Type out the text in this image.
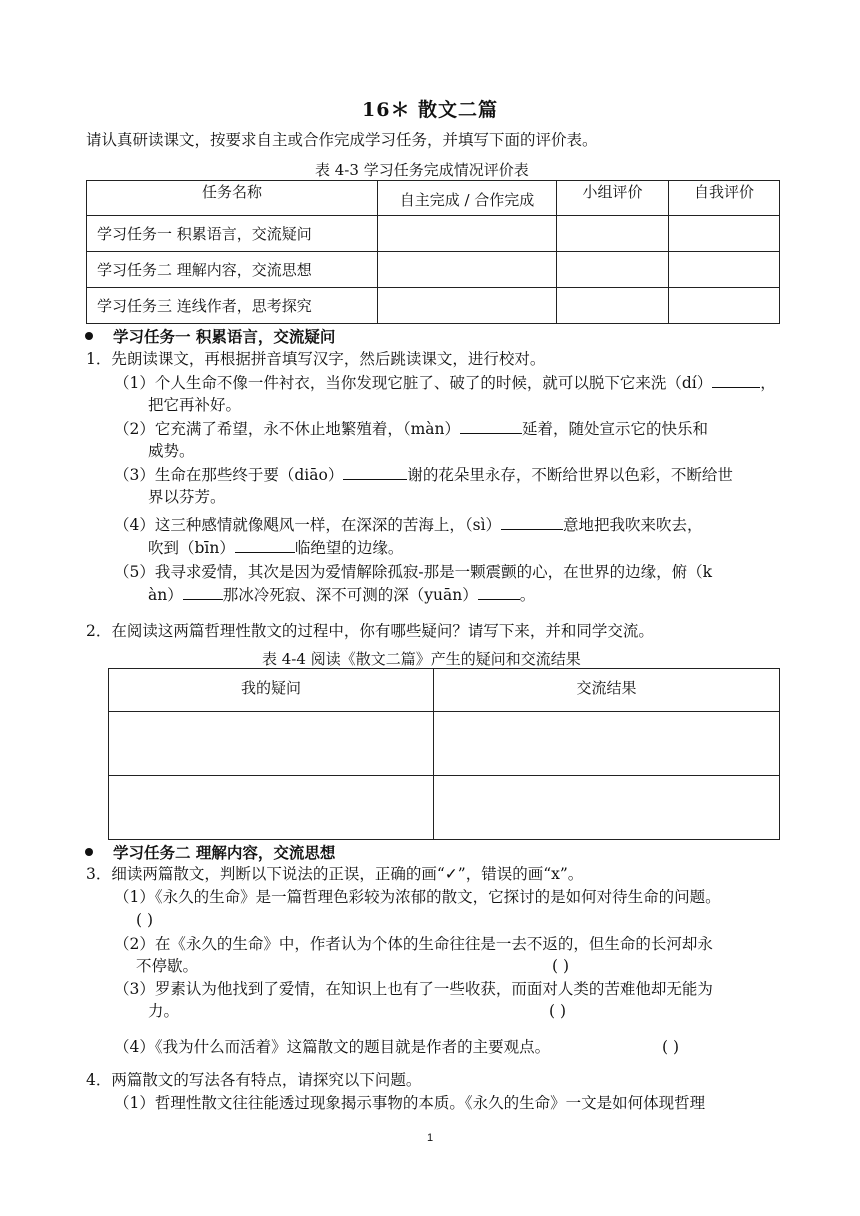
16＊ 散文二篇
请认真研读课文，按要求自主或合作完成学习任务，并填写下面的评价表。
表 4-3 学习任务完成情况评价表
任务名称	自主完成 / 合作完成	小组评价	自我评价
学习任务一 积累语言，交流疑问			
学习任务二 理解内容，交流思想			
学习任务三 连线作者，思考探究			
学习任务一 积累语言，交流疑问
1．先朗读课文，再根据拼音填写汉字，然后跳读课文，进行校对。
（1）个人生命不像一件衬衣，当你发现它脏了、破了的时候，就可以脱下它来洗（dí）	，
把它再补好。
（2）它充满了希望，永不休止地繁殖着，（màn）	延着，随处宣示它的快乐和
威势。
（3）生命在那些终于要（diāo）	谢的花朵里永存，不断给世界以色彩，不断给世
界以芬芳。
（4）这三种感情就像飓风一样，在深深的苦海上，（sì）	意地把我吹来吹去，
吹到（bīn）	临绝望的边缘。
（5）我寻求爱情，其次是因为爱情解除孤寂-那是一颗震颤的心，在世界的边缘，俯（k
àn）	那冰冷死寂、深不可测的深（yuān）	。
2．在阅读这两篇哲理性散文的过程中，你有哪些疑问？请写下来，并和同学交流。
表 4-4 阅读《散文二篇》产生的疑问和交流结果
我的疑问	交流结果

学习任务二 理解内容，交流思想
3．细读两篇散文，判断以下说法的正误，正确的画“✓”，错误的画“x”。
（1）《永久的生命》是一篇哲理色彩较为浓郁的散文，它探讨的是如何对待生命的问题。
( )
（2）在《永久的生命》中，作者认为个体的生命往往是一去不返的，但生命的长河却永
不停歇。	( )
（3）罗素认为他找到了爱情，在知识上也有了一些收获，而面对人类的苦难他却无能为
力。	( )
（4）《我为什么而活着》这篇散文的题目就是作者的主要观点。	( )
4．两篇散文的写法各有特点，请探究以下问题。
（1）哲理性散文往往能透过现象揭示事物的本质。《永久的生命》一文是如何体现哲理
1
